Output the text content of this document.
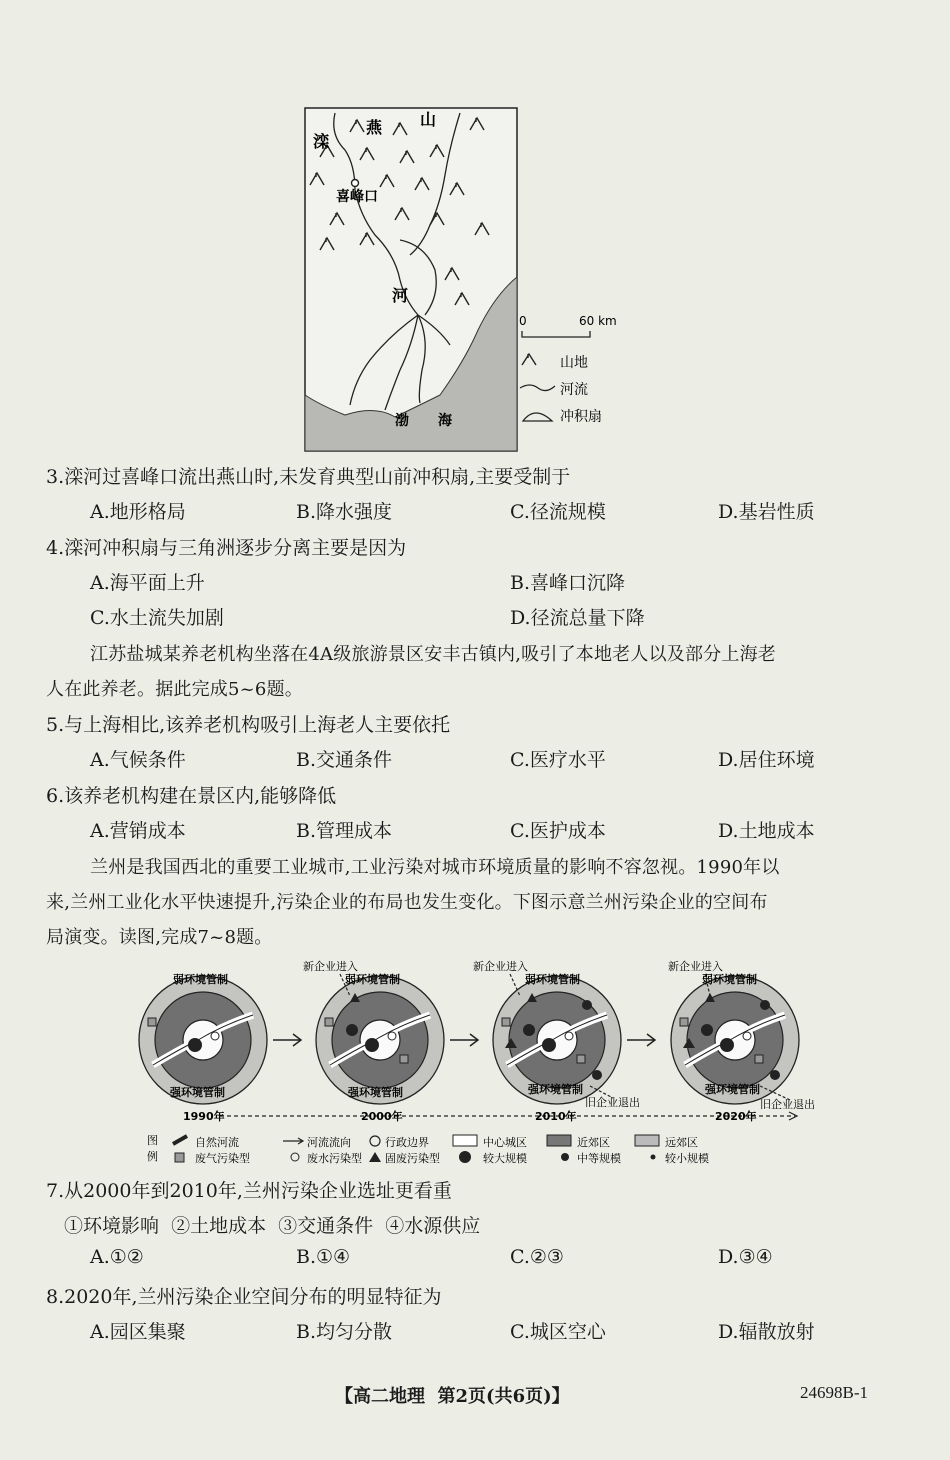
燕 山
滦
河
喜峰口
渤 海
0	60 km
山地
河流
冲积扇
3.滦河过喜峰口流出燕山时,未发育典型山前冲积扇,主要受制于
A.地形格局	B.降水强度	C.径流规模	D.基岩性质
4.滦河冲积扇与三角洲逐步分离主要是因为
A.海平面上升	B.喜峰口沉降
C.水土流失加剧	D.径流总量下降
江苏盐城某养老机构坐落在4A级旅游景区安丰古镇内,吸引了本地老人以及部分上海老
人在此养老。据此完成5~6题。
5.与上海相比,该养老机构吸引上海老人主要依托
A.气候条件	B.交通条件	C.医疗水平	D.居住环境
6.该养老机构建在景区内,能够降低
A.营销成本	B.管理成本	C.医护成本	D.土地成本
兰州是我国西北的重要工业城市,工业污染对城市环境质量的影响不容忽视。1990年以
来,兰州工业化水平快速提升,污染企业的布局也发生变化。下图示意兰州污染企业的空间布
局演变。读图,完成7~8题。
弱环境管制
强环境管制
弱环境管制
强环境管制
弱环境管制
强环境管制
弱环境管制
强环境管制
新企业进入	新企业进入	新企业进入
旧企业退出	旧企业退出
1990年	2000年	2010年	2020年
图
例
自然河流	河流流向	行政边界	中心城区	近郊区	远郊区
废气污染型	废水污染型 固废污染型	较大规模	中等规模	较小规模
7.从2000年到2010年,兰州污染企业选址更看重
①环境影响  ②土地成本  ③交通条件  ④水源供应
A.①②	B.①④	C.②③	D.③④
8.2020年,兰州污染企业空间分布的明显特征为
A.园区集聚	B.均匀分散	C.城区空心	D.辐散放射
【高二地理  第2页(共6页)】	24698B-1
